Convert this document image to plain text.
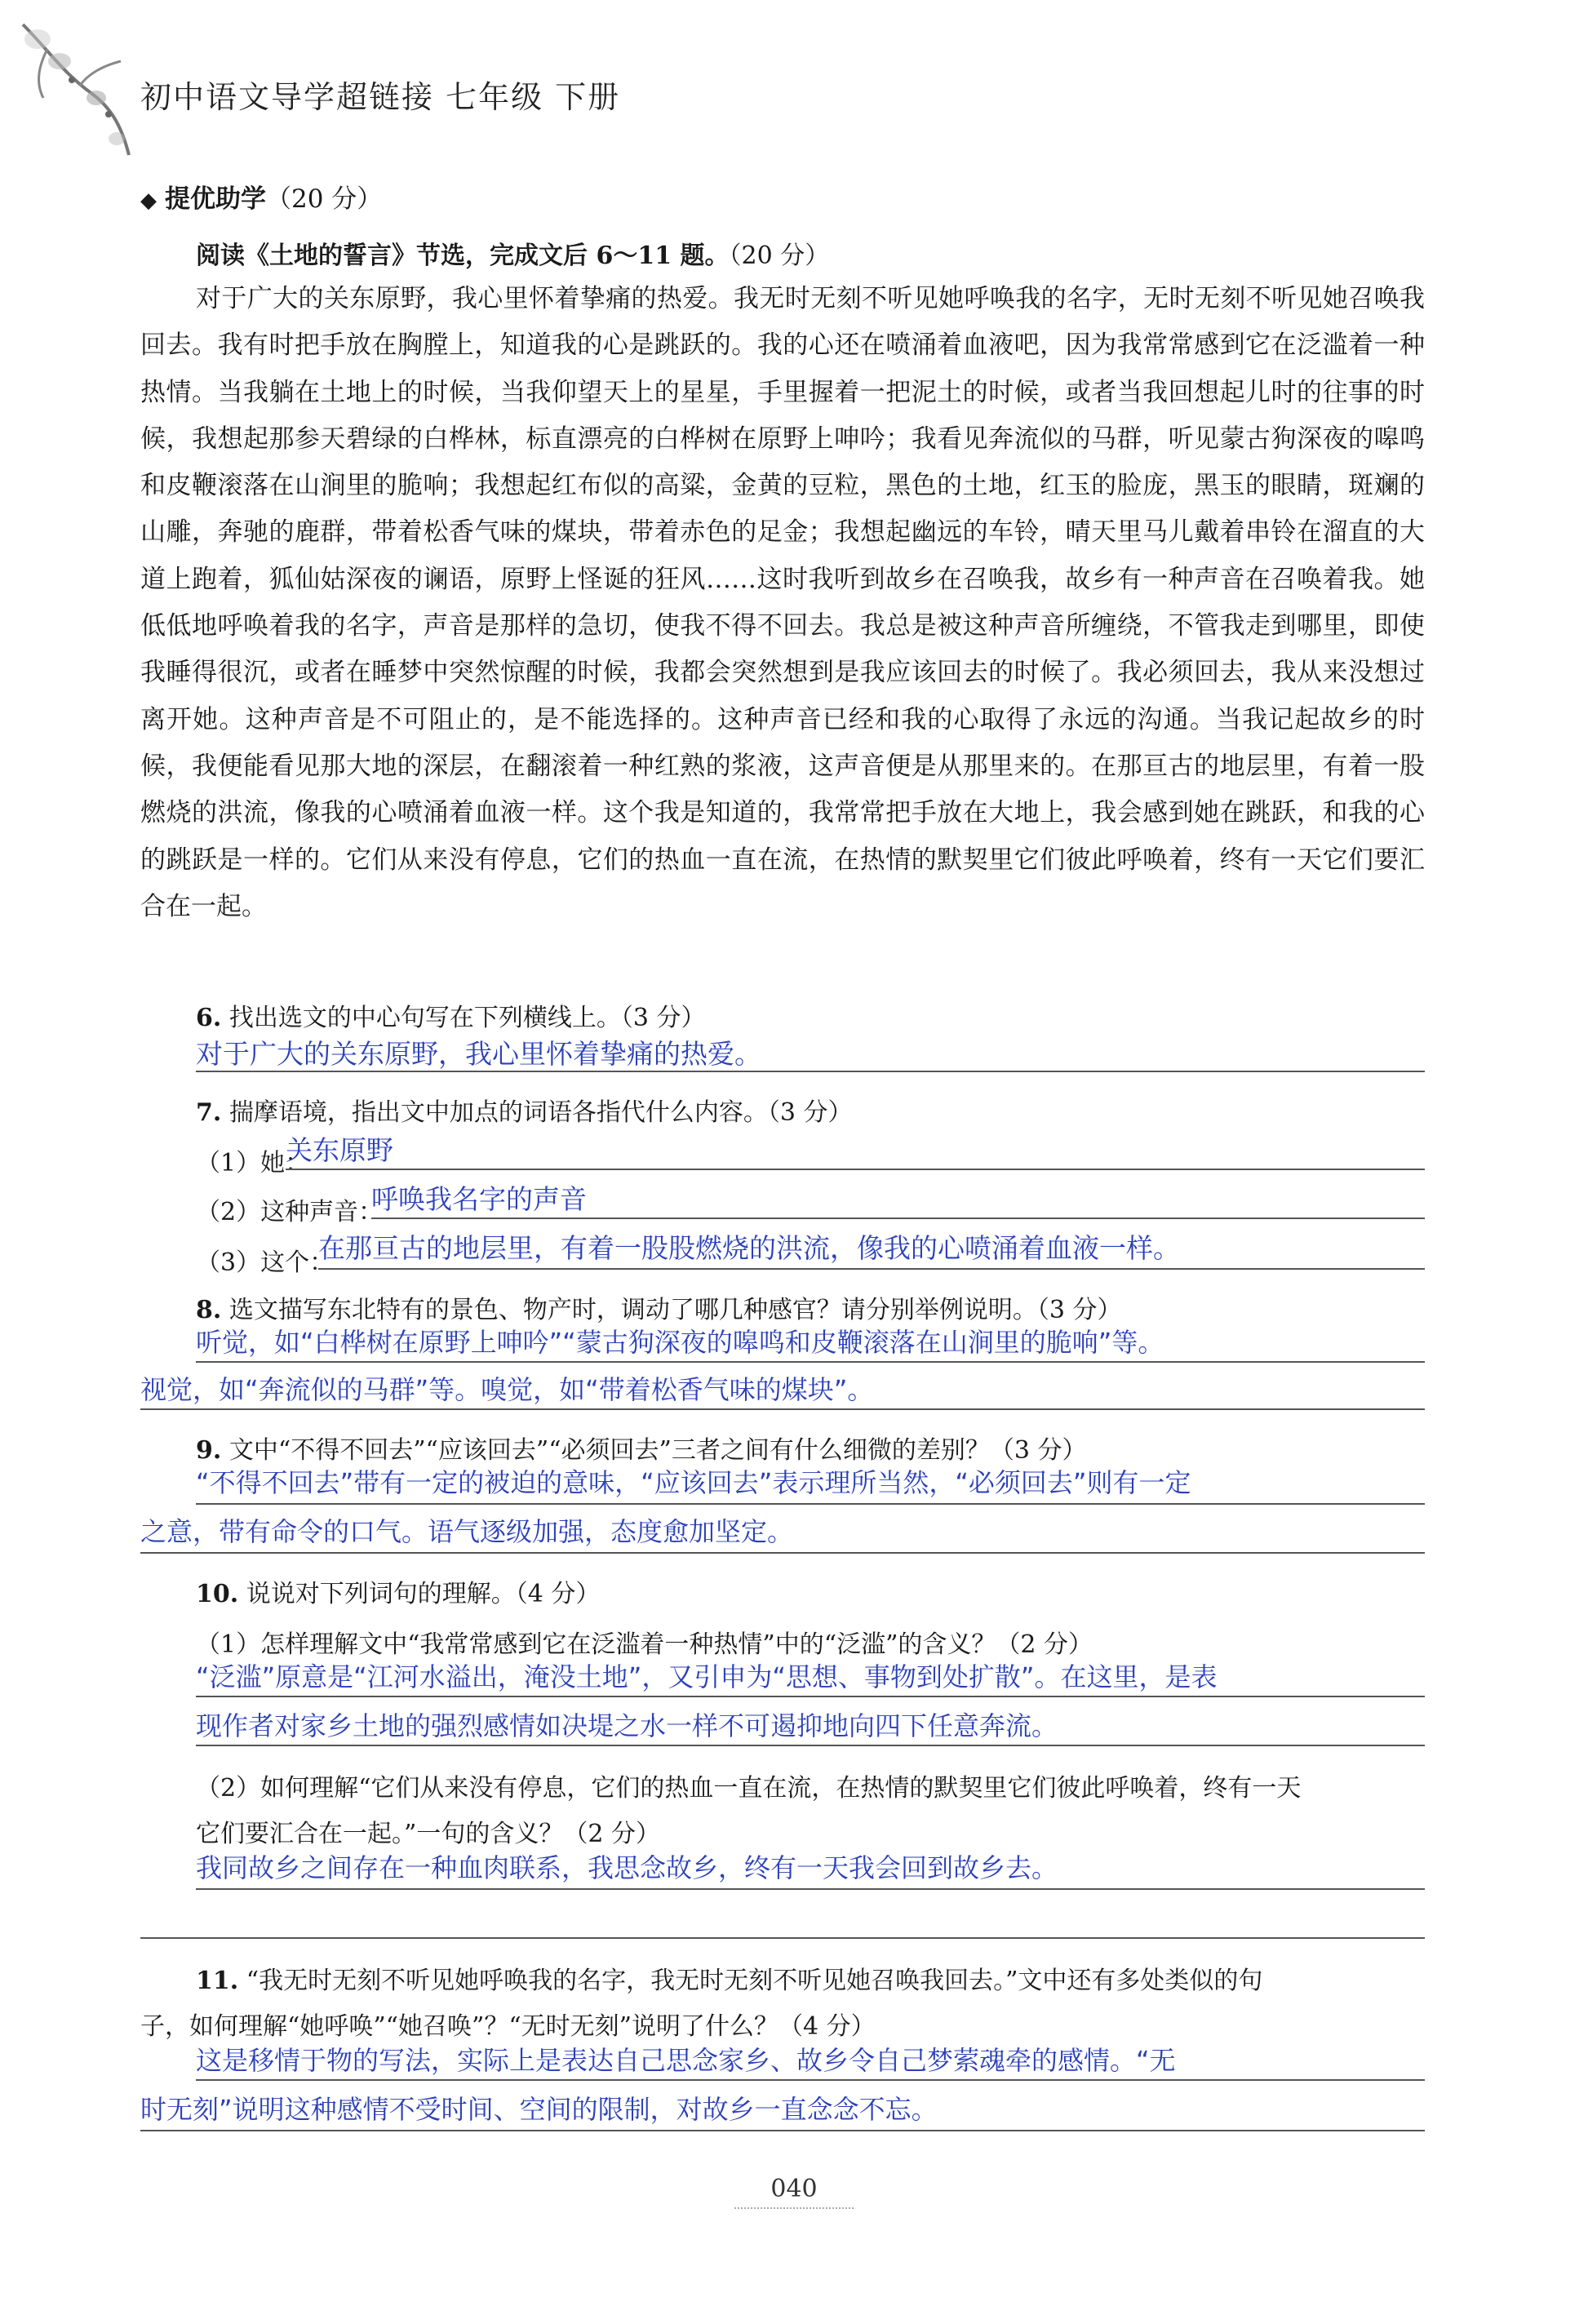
初中语文导学超链接 七年级 下册
◆ 提优助学（20 分）
阅读《土地的誓言》节选，完成文后 6～11 题。（20 分）
对于广大的关东原野，我心里怀着挚痛的热爱。我无时无刻不听见她呼唤我的名字，无时无刻不听见她召唤我回去。我有时把手放在胸膛上，知道我的心是跳跃的。我的心还在喷涌着血液吧，因为我常常感到它在泛滥着一种热情。当我躺在土地上的时候，当我仰望天上的星星，手里握着一把泥土的时候，或者当我回想起儿时的往事的时候，我想起那参天碧绿的白桦林，标直漂亮的白桦树在原野上呻吟；我看见奔流似的马群，听见蒙古狗深夜的嗥鸣和皮鞭滚落在山涧里的脆响；我想起红布似的高粱，金黄的豆粒，黑色的土地，红玉的脸庞，黑玉的眼睛，斑斓的山雕，奔驰的鹿群，带着松香气味的煤块，带着赤色的足金；我想起幽远的车铃，晴天里马儿戴着串铃在溜直的大道上跑着，狐仙姑深夜的谰语，原野上怪诞的狂风……这时我听到故乡在召唤我，故乡有一种声音在召唤着我。她低低地呼唤着我的名字，声音是那样的急切，使我不得不回去。我总是被这种声音所缠绕，不管我走到哪里，即使我睡得很沉，或者在睡梦中突然惊醒的时候，我都会突然想到是我应该回去的时候了。我必须回去，我从来没想过离开她。这种声音是不可阻止的，是不能选择的。这种声音已经和我的心取得了永远的沟通。当我记起故乡的时候，我便能看见那大地的深层，在翻滚着一种红熟的浆液，这声音便是从那里来的。在那亘古的地层里，有着一股燃烧的洪流，像我的心喷涌着血液一样。这个我是知道的，我常常把手放在大地上，我会感到她在跳跃，和我的心的跳跃是一样的。它们从来没有停息，它们的热血一直在流，在热情的默契里它们彼此呼唤着，终有一天它们要汇合在一起。
6. 找出选文的中心句写在下列横线上。（3 分）
对于广大的关东原野，我心里怀着挚痛的热爱。
7. 揣摩语境，指出文中加点的词语各指代什么内容。（3 分）
（1）她：
关东原野
（2）这种声音：
呼唤我名字的声音
（3）这个：
在那亘古的地层里，有着一股股燃烧的洪流，像我的心喷涌着血液一样。
8. 选文描写东北特有的景色、物产时，调动了哪几种感官？请分别举例说明。（3 分）
听觉，如“白桦树在原野上呻吟”“蒙古狗深夜的嗥鸣和皮鞭滚落在山涧里的脆响”等。
视觉，如“奔流似的马群”等。嗅觉，如“带着松香气味的煤块”。
9. 文中“不得不回去”“应该回去”“必须回去”三者之间有什么细微的差别？（3 分）
“不得不回去”带有一定的被迫的意味，“应该回去”表示理所当然，“必须回去”则有一定
之意，带有命令的口气。语气逐级加强，态度愈加坚定。
10. 说说对下列词句的理解。（4 分）
（1）怎样理解文中“我常常感到它在泛滥着一种热情”中的“泛滥”的含义？（2 分）
“泛滥”原意是“江河水溢出，淹没土地”，又引申为“思想、事物到处扩散”。在这里，是表
现作者对家乡土地的强烈感情如决堤之水一样不可遏抑地向四下任意奔流。
（2）如何理解“它们从来没有停息，它们的热血一直在流，在热情的默契里它们彼此呼唤着，终有一天
它们要汇合在一起。”一句的含义？（2 分）
我同故乡之间存在一种血肉联系，我思念故乡，终有一天我会回到故乡去。
11. “我无时无刻不听见她呼唤我的名字，我无时无刻不听见她召唤我回去。”文中还有多处类似的句
子，如何理解“她呼唤”“她召唤”？“无时无刻”说明了什么？（4 分）
这是移情于物的写法，实际上是表达自己思念家乡、故乡令自己梦萦魂牵的感情。“无
时无刻”说明这种感情不受时间、空间的限制，对故乡一直念念不忘。
040
